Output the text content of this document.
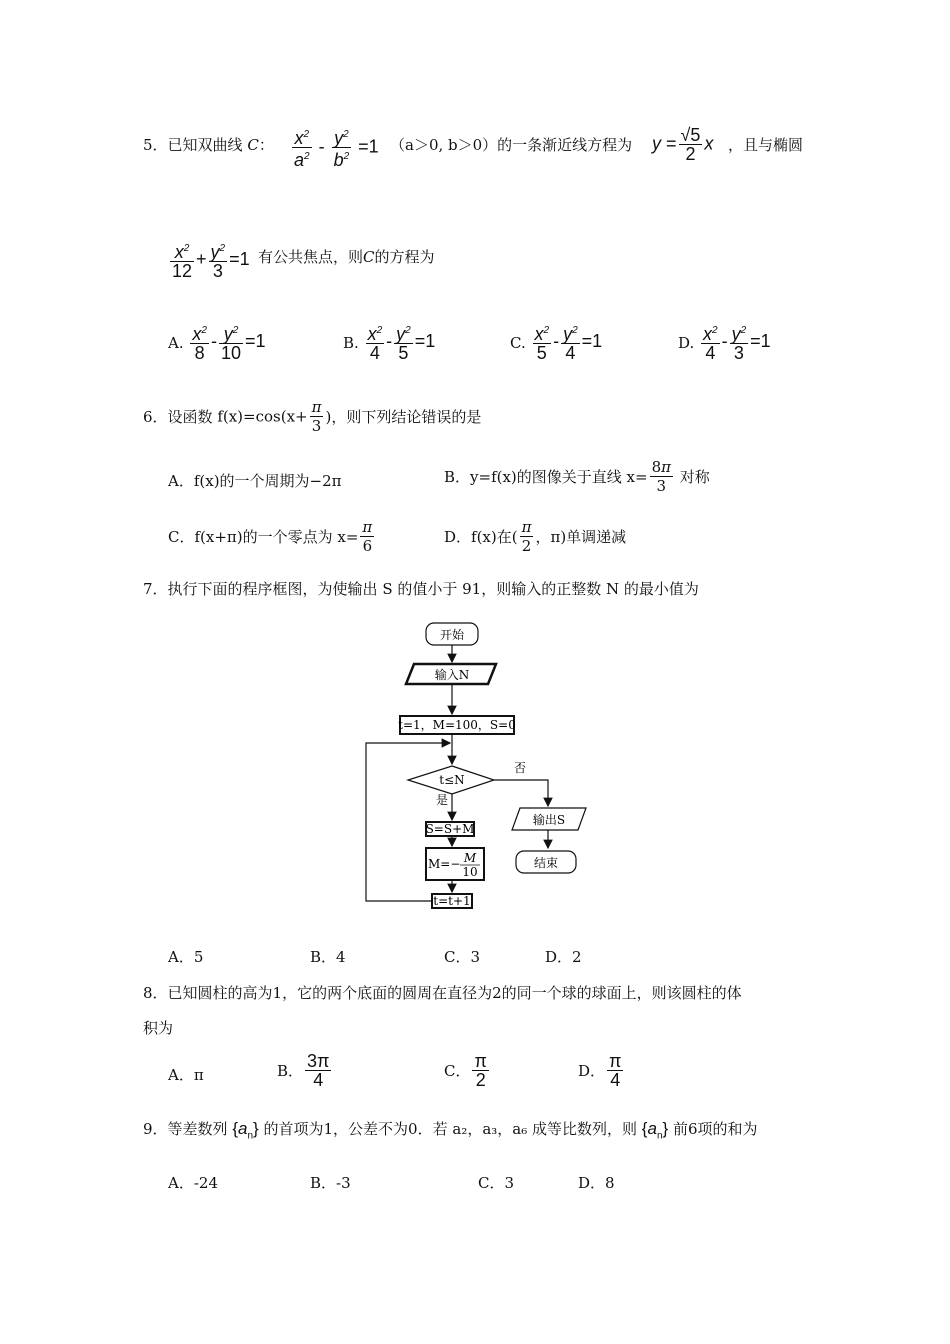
5．已知双曲线 C： $\frac{x^2}{a^2} - \frac{y^2}{b^2} =1$ （a＞0, b＞0）的一条渐近线方程为 $y = \frac{√5}{2}$ x ，且与椭圆
$\frac{x^2}{12} + \frac{y^2}{3} =1$ 有公共焦点，则C的方程为
A. $\frac{x^2}{8} - \frac{y^2}{10} =1$	B. $\frac{x^2}{4} - \frac{y^2}{5} =1$	C. $\frac{x^2}{5} - \frac{y^2}{4} =1$	D. $\frac{x^2}{4} - \frac{y^2}{3} =1$
6．设函数 $f(x)=\cos(x+ \frac{\pi}{3}$ )，则下列结论错误的是
A．f(x)的一个周期为−2π	B．y=f(x)的图像关于直线 $x= \frac{8\pi}{3}$ 对称
C．f(x+π)的一个零点为 $x= \frac{\pi}{6}$	D．f(x)在( $\frac{\pi}{2}$ ，π)单调递减
7．执行下面的程序框图，为使输出 S 的值小于 91，则输入的正整数 N 的最小值为
开始
输入N
t=1，M=100，S=0
t≤N
否
是
S=S+M
M=− M
10
t=t+1
输出S
结束
A．5	B．4	C．3	D．2
8．已知圆柱的高为1，它的两个底面的圆周在直径为2的同一个球的球面上，则该圆柱的体
积为
A．π	B． $\frac{3\pi}{4}$	C． $\frac{\pi}{2}$	D． $\frac{\pi}{4}$
9．等差数列 $\{a_n\}$ 的首项为1，公差不为0．若 a₂，a₃，a₆ 成等比数列，则 $\{a_n\}$ 前6项的和为
A．-24	B．-3	C．3	D．8
